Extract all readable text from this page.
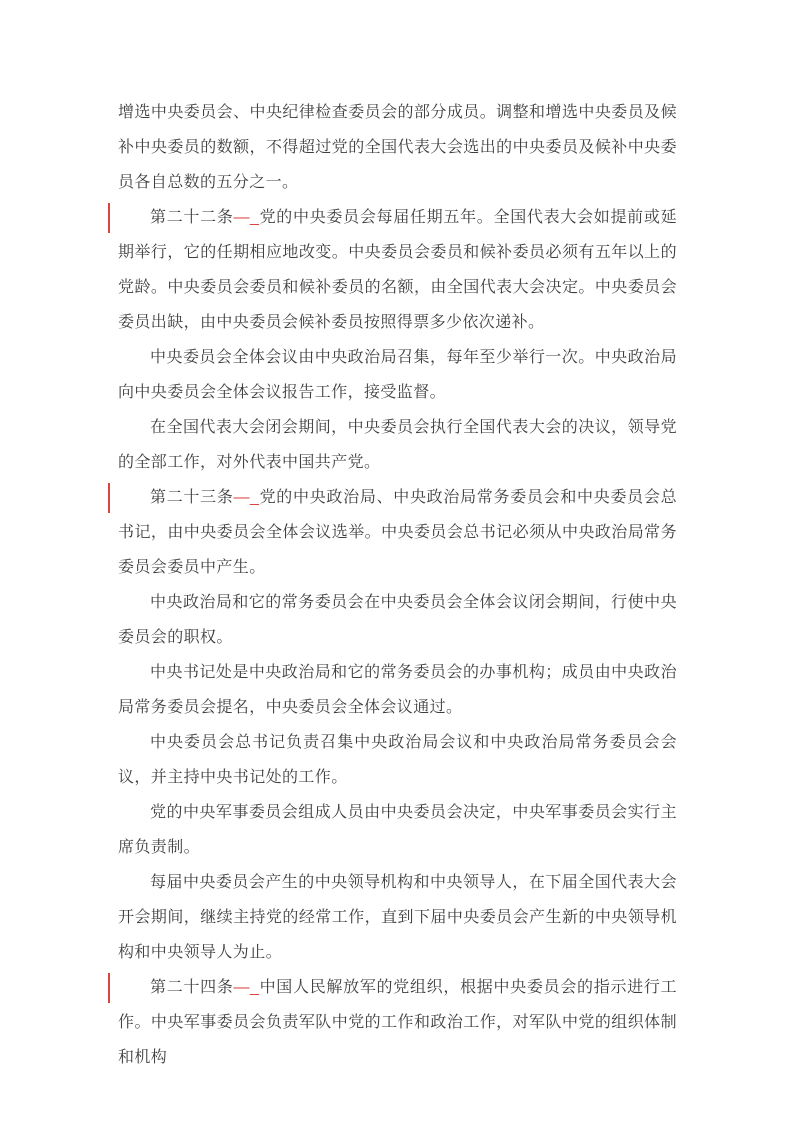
增选中央委员会、中央纪律检查委员会的部分成员。调整和增选中央委员及候补中央委员的数额，不得超过党的全国代表大会选出的中央委员及候补中央委员各自总数的五分之一。

第二十二条—_党的中央委员会每届任期五年。全国代表大会如提前或延期举行，它的任期相应地改变。中央委员会委员和候补委员必须有五年以上的党龄。中央委员会委员和候补委员的名额，由全国代表大会决定。中央委员会委员出缺，由中央委员会候补委员按照得票多少依次递补。

中央委员会全体会议由中央政治局召集，每年至少举行一次。中央政治局向中央委员会全体会议报告工作，接受监督。

在全国代表大会闭会期间，中央委员会执行全国代表大会的决议，领导党的全部工作，对外代表中国共产党。

第二十三条—_党的中央政治局、中央政治局常务委员会和中央委员会总书记，由中央委员会全体会议选举。中央委员会总书记必须从中央政治局常务委员会委员中产生。

中央政治局和它的常务委员会在中央委员会全体会议闭会期间，行使中央委员会的职权。

中央书记处是中央政治局和它的常务委员会的办事机构；成员由中央政治局常务委员会提名，中央委员会全体会议通过。

中央委员会总书记负责召集中央政治局会议和中央政治局常务委员会会议，并主持中央书记处的工作。

党的中央军事委员会组成人员由中央委员会决定，中央军事委员会实行主席负责制。

每届中央委员会产生的中央领导机构和中央领导人，在下届全国代表大会开会期间，继续主持党的经常工作，直到下届中央委员会产生新的中央领导机构和中央领导人为止。

第二十四条—_中国人民解放军的党组织，根据中央委员会的指示进行工作。中央军事委员会负责军队中党的工作和政治工作，对军队中党的组织体制和机构
